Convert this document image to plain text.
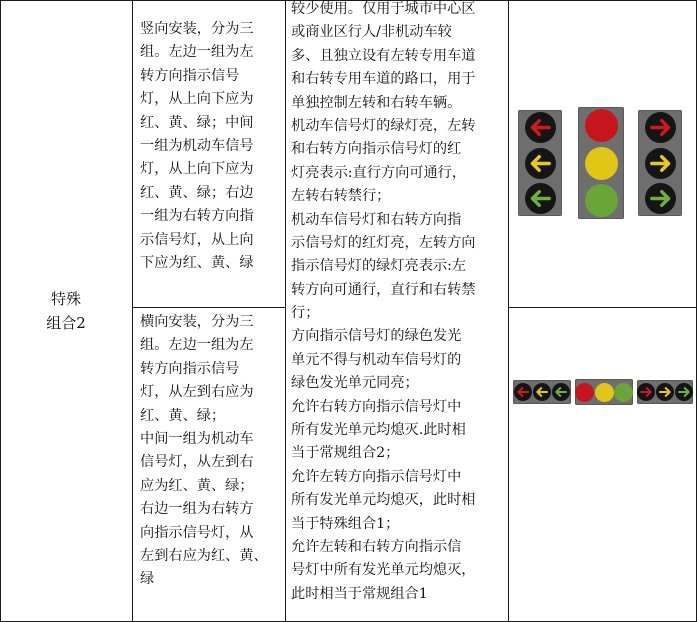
特殊
组合2
竖向安装，分为三
组。左边一组为左
转方向指示信号
灯，从上向下应为
红、黄、绿；中间
一组为机动车信号
灯，从上向下应为
红、黄、绿；右边
一组为右转方向指
示信号灯，从上向
下应为红、黄、绿
横向安装，分为三
组。左边一组为左
转方向指示信号
灯，从左到右应为
红、黄、绿；
中间一组为机动车
信号灯，从左到右
应为红、黄、绿；
右边一组为右转方
向指示信号灯，从
左到右应为红、黄、
绿
较少使用。仅用于城市中心区
或商业区行人/非机动车较
多、且独立设有左转专用车道
和右转专用车道的路口，用于
单独控制左转和右转车辆。
机动车信号灯的绿灯亮，左转
和右转方向指示信号灯的红
灯亮表示:直行方向可通行，
左转右转禁行；
机动车信号灯和右转方向指
示信号灯的红灯亮，左转方向
指示信号灯的绿灯亮表示:左
转方向可通行，直行和右转禁
行；
方向指示信号灯的绿色发光
单元不得与机动车信号灯的
绿色发光单元同亮；
允许右转方向指示信号灯中
所有发光单元均熄灭.此时相
当于常规组合2；
允许左转方向指示信号灯中
所有发光单元均熄灭，此时相
当于特殊组合1；
允许左转和右转方向指示信
号灯中所有发光单元均熄灭，
此时相当于常规组合1
